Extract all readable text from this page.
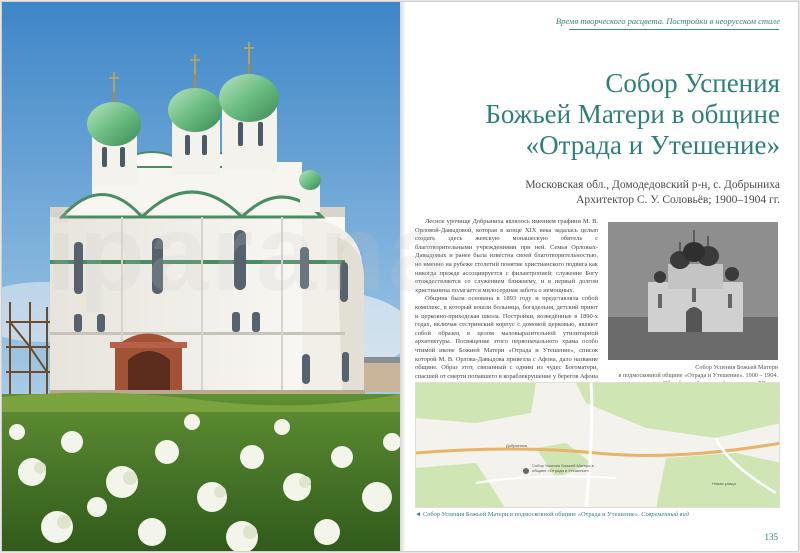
Время творческого расцвета. Постройки в неорусском стиле
Собор Успения
Божьей Матери в общине
«Отрада и Утешение»
Московская обл., Домодедовский р-н, с. Добрыниха
Архитектор С. У. Соловьёв; 1900–1904 гг.

Лесное урочище Добрыниха являлось имением графини М. В. Орловой-Давыдовой, которая в конце XIX века задалась целью создать здесь женскую монашескую обитель с благотворительными учреждениями при ней. Семья Орловых-Давыдовых и ранее была известна своей благотворительностью, но именно на рубеже столетий понятие христианского подвига как никогда прежде ассоциируется с филантропией: служение Богу отождествляется со служением ближнему, и в первый долгом христианина полагается милосердная забота о немощных.

Община была основана в 1893 году и представляла собой комплекс, в который вошли больница, богадельня, детский приют и церковно-приходская школа. Постройки, возведённые в 1890-х годах, включая сестринский корпус с домовой церковью, являют собой образец в целом маловыразительной утилитарной архитектуры. Посвящение этого первоначального храма особо чтимой иконе Божией Матери «Отрада и Утешение», список которой М. В. Орлова-Давыдова привезла с Афона, дало название общине. Образ этот, связанный с одним из чудес Богоматери, спасшей от смерти попавшего в кораблекрушение у берегов Афона

Собор Успения Божьей Матери
в подмосковной общине «Отрада и Утешение». 1900 – 1904.
Собор Успения Божьей Матери в общине «Отрада и Утешение»
Добрыниха
Новая улица
◄ Собор Успения Божьей Матери в подмосковной общине «Отрада и Утешение». Современный вид
135
